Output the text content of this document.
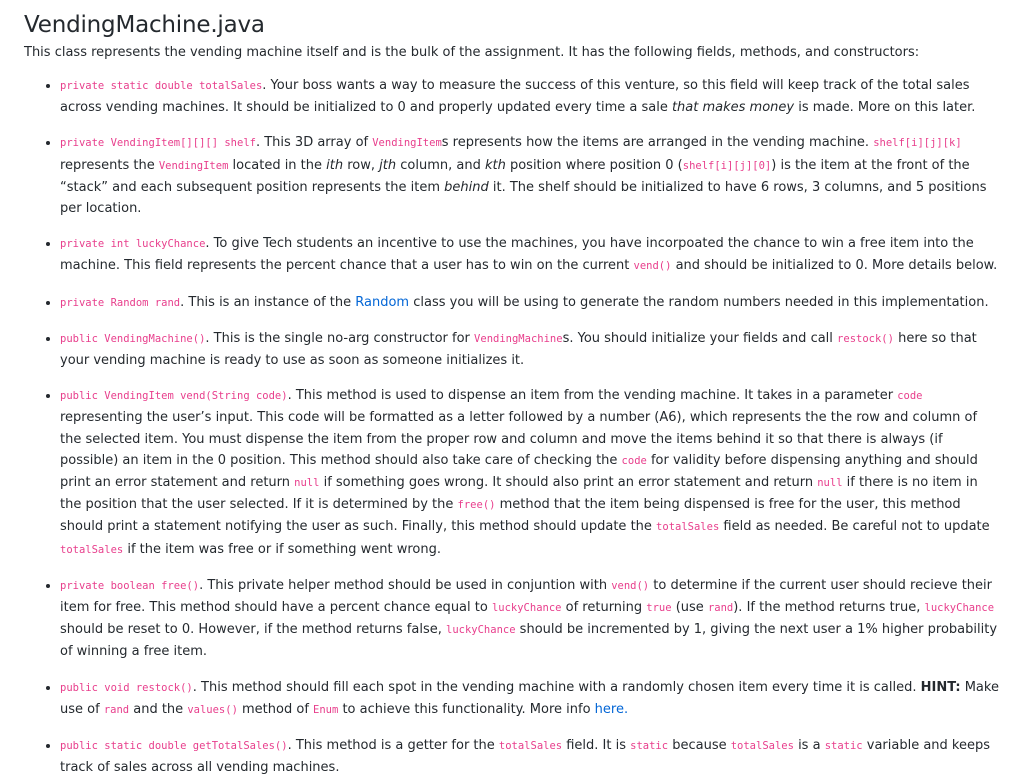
VendingMachine.java

This class represents the vending machine itself and is the bulk of the assignment. It has the following fields, methods, and constructors:

• private static double totalSales. Your boss wants a way to measure the success of this venture, so this field will keep track of the total sales across vending machines. It should be initialized to 0 and properly updated every time a sale that makes money is made. More on this later.
• private VendingItem[][][] shelf. This 3D array of VendingItems represents how the items are arranged in the vending machine. shelf[i][j][k] represents the VendingItem located in the ith row, jth column, and kth position where position 0 (shelf[i][j][0]) is the item at the front of the “stack” and each subsequent position represents the item behind it. The shelf should be initialized to have 6 rows, 3 columns, and 5 positions per location.
• private int luckyChance. To give Tech students an incentive to use the machines, you have incorpoated the chance to win a free item into the machine. This field represents the percent chance that a user has to win on the current vend() and should be initialized to 0. More details below.
• private Random rand. This is an instance of the Random class you will be using to generate the random numbers needed in this implementation.
• public VendingMachine(). This is the single no-arg constructor for VendingMachines. You should initialize your fields and call restock() here so that your vending machine is ready to use as soon as someone initializes it.
• public VendingItem vend(String code). This method is used to dispense an item from the vending machine. It takes in a parameter code representing the user’s input. This code will be formatted as a letter followed by a number (A6), which represents the the row and column of the selected item. You must dispense the item from the proper row and column and move the items behind it so that there is always (if possible) an item in the 0 position. This method should also take care of checking the code for validity before dispensing anything and should print an error statement and return null if something goes wrong. It should also print an error statement and return null if there is no item in the position that the user selected. If it is determined by the free() method that the item being dispensed is free for the user, this method should print a statement notifying the user as such. Finally, this method should update the totalSales field as needed. Be careful not to update totalSales if the item was free or if something went wrong.
• private boolean free(). This private helper method should be used in conjuntion with vend() to determine if the current user should recieve their item for free. This method should have a percent chance equal to luckyChance of returning true (use rand). If the method returns true, luckyChance should be reset to 0. However, if the method returns false, luckyChance should be incremented by 1, giving the next user a 1% higher probability of winning a free item.
• public void restock(). This method should fill each spot in the vending machine with a randomly chosen item every time it is called. HINT: Make use of rand and the values() method of Enum to achieve this functionality. More info here.
• public static double getTotalSales(). This method is a getter for the totalSales field. It is static because totalSales is a static variable and keeps track of sales across all vending machines.
